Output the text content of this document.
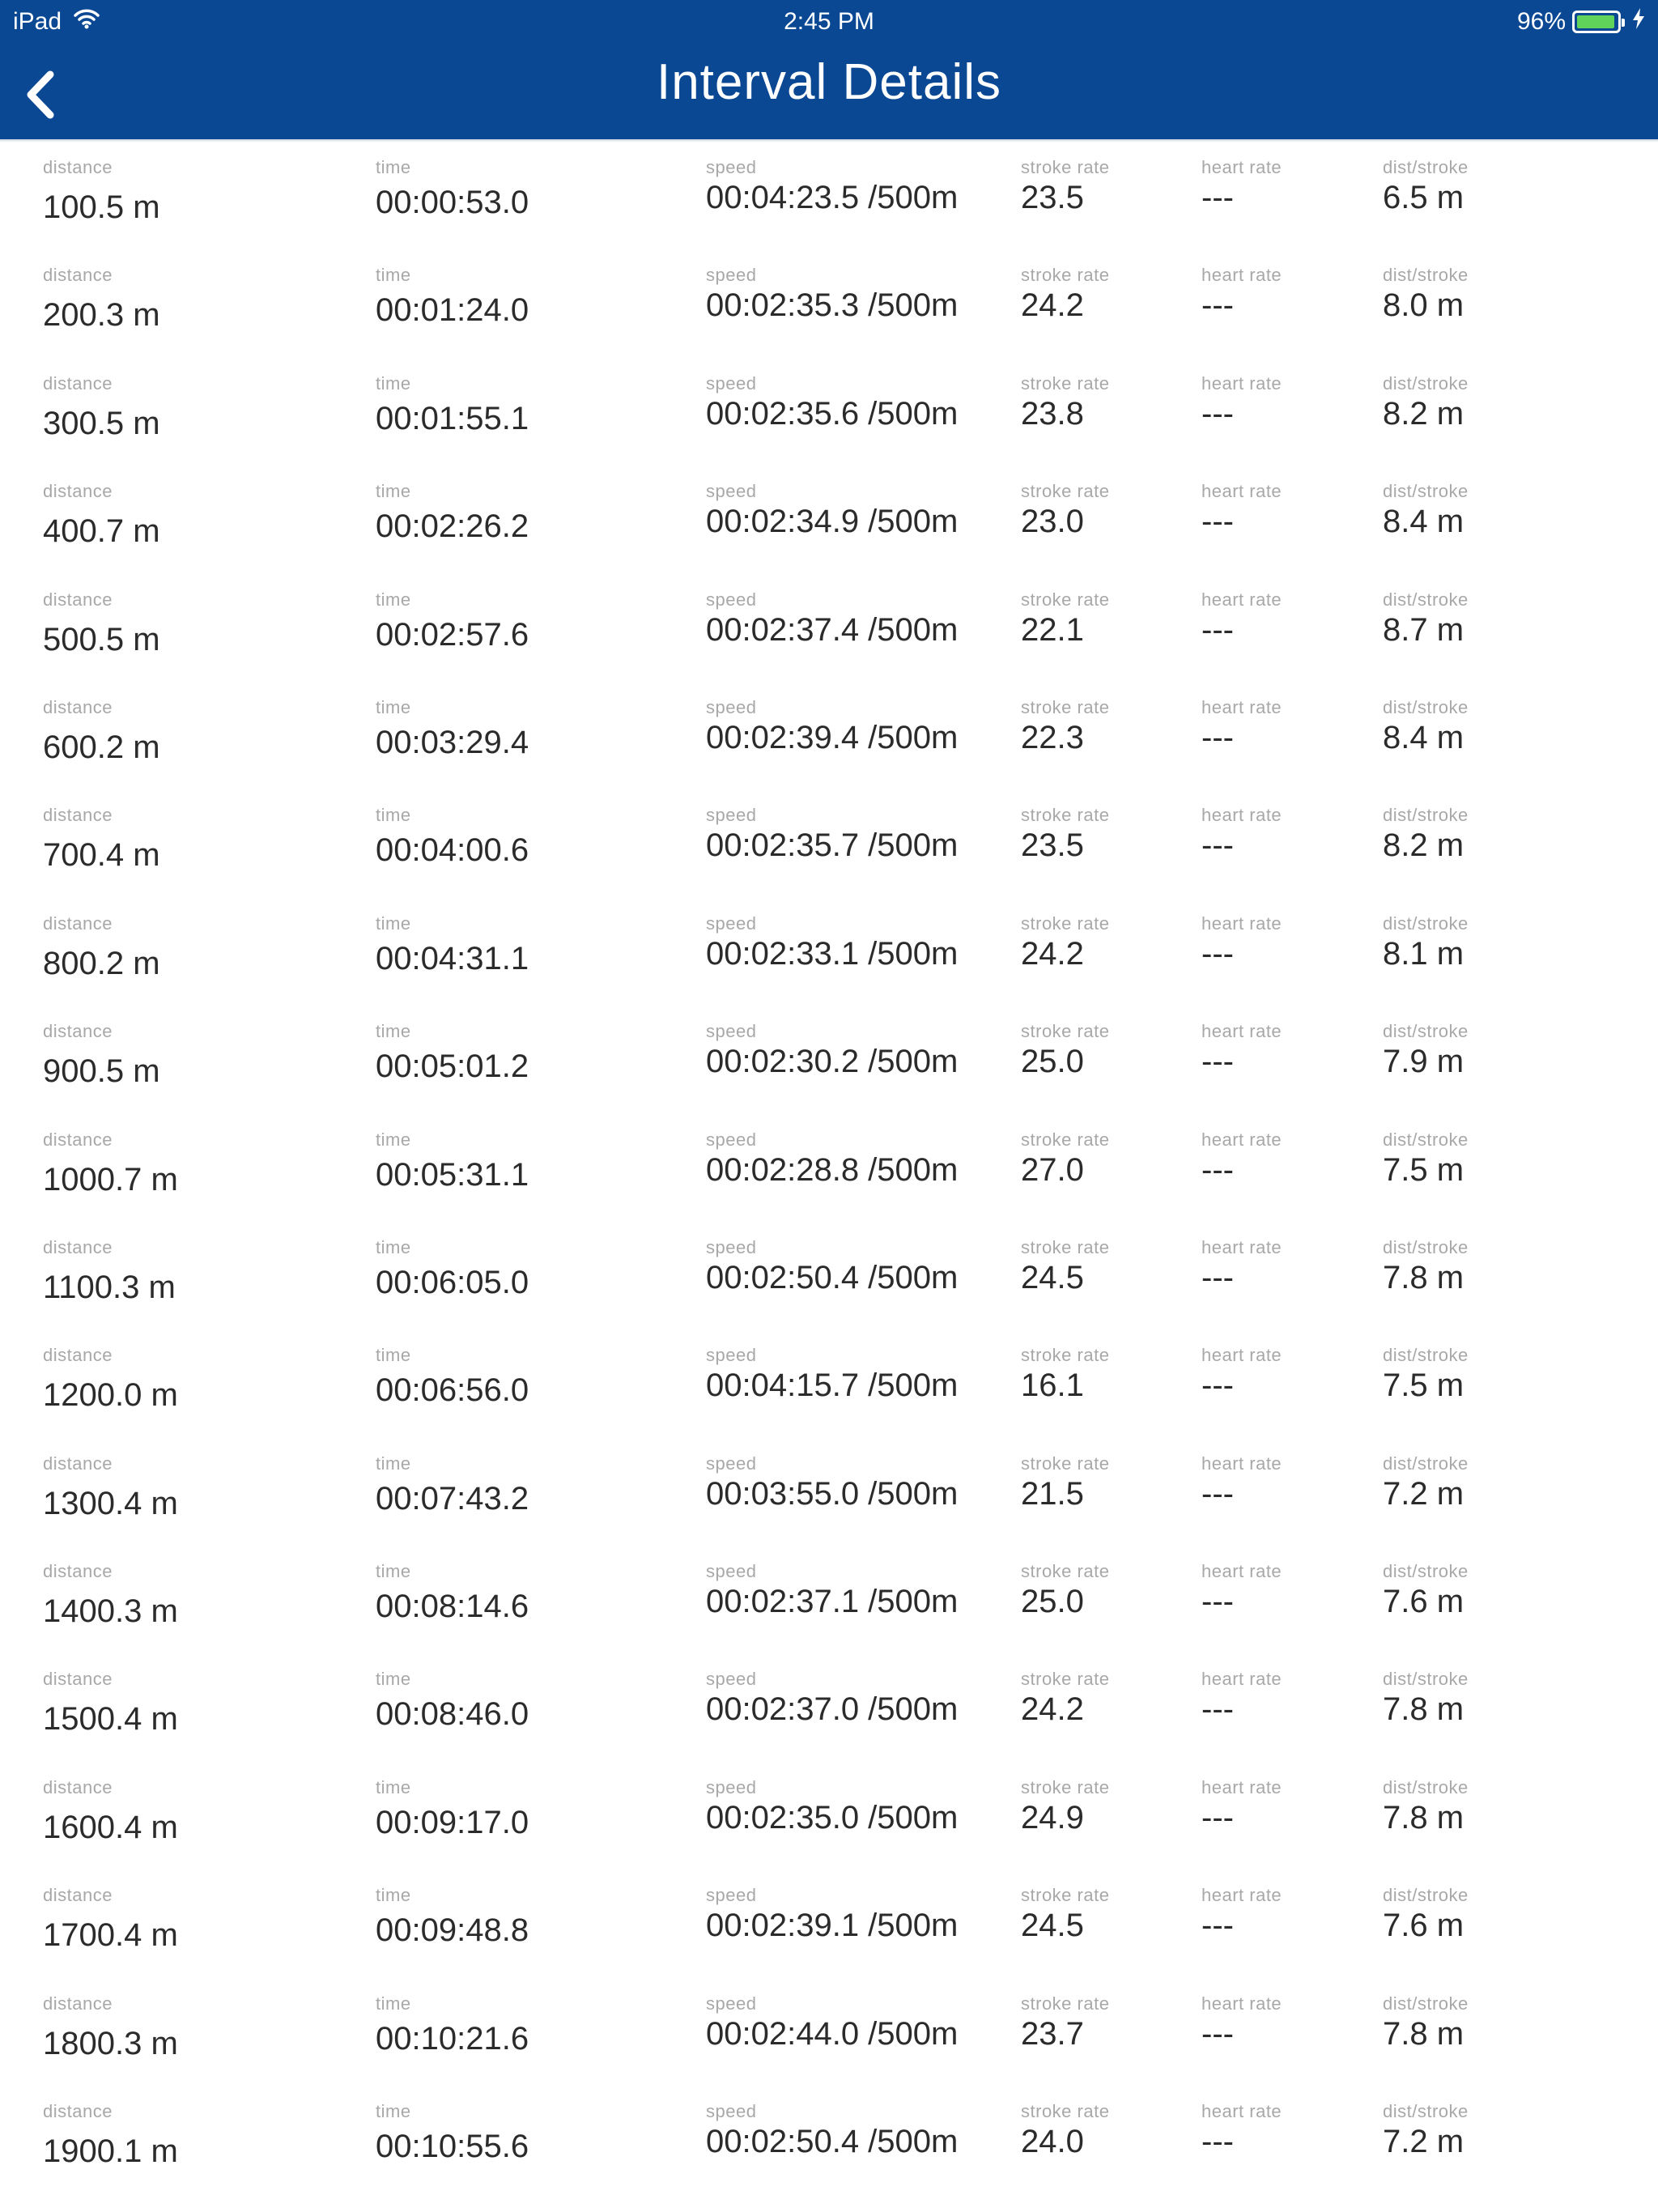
iPad	2:45 PM	96%
Interval Details
distance
100.5 m
time
00:00:53.0
speed
00:04:23.5 /500m
stroke rate
23.5
heart rate
---
dist/stroke
6.5 m
distance
200.3 m
time
00:01:24.0
speed
00:02:35.3 /500m
stroke rate
24.2
heart rate
---
dist/stroke
8.0 m
distance
300.5 m
time
00:01:55.1
speed
00:02:35.6 /500m
stroke rate
23.8
heart rate
---
dist/stroke
8.2 m
distance
400.7 m
time
00:02:26.2
speed
00:02:34.9 /500m
stroke rate
23.0
heart rate
---
dist/stroke
8.4 m
distance
500.5 m
time
00:02:57.6
speed
00:02:37.4 /500m
stroke rate
22.1
heart rate
---
dist/stroke
8.7 m
distance
600.2 m
time
00:03:29.4
speed
00:02:39.4 /500m
stroke rate
22.3
heart rate
---
dist/stroke
8.4 m
distance
700.4 m
time
00:04:00.6
speed
00:02:35.7 /500m
stroke rate
23.5
heart rate
---
dist/stroke
8.2 m
distance
800.2 m
time
00:04:31.1
speed
00:02:33.1 /500m
stroke rate
24.2
heart rate
---
dist/stroke
8.1 m
distance
900.5 m
time
00:05:01.2
speed
00:02:30.2 /500m
stroke rate
25.0
heart rate
---
dist/stroke
7.9 m
distance
1000.7 m
time
00:05:31.1
speed
00:02:28.8 /500m
stroke rate
27.0
heart rate
---
dist/stroke
7.5 m
distance
1100.3 m
time
00:06:05.0
speed
00:02:50.4 /500m
stroke rate
24.5
heart rate
---
dist/stroke
7.8 m
distance
1200.0 m
time
00:06:56.0
speed
00:04:15.7 /500m
stroke rate
16.1
heart rate
---
dist/stroke
7.5 m
distance
1300.4 m
time
00:07:43.2
speed
00:03:55.0 /500m
stroke rate
21.5
heart rate
---
dist/stroke
7.2 m
distance
1400.3 m
time
00:08:14.6
speed
00:02:37.1 /500m
stroke rate
25.0
heart rate
---
dist/stroke
7.6 m
distance
1500.4 m
time
00:08:46.0
speed
00:02:37.0 /500m
stroke rate
24.2
heart rate
---
dist/stroke
7.8 m
distance
1600.4 m
time
00:09:17.0
speed
00:02:35.0 /500m
stroke rate
24.9
heart rate
---
dist/stroke
7.8 m
distance
1700.4 m
time
00:09:48.8
speed
00:02:39.1 /500m
stroke rate
24.5
heart rate
---
dist/stroke
7.6 m
distance
1800.3 m
time
00:10:21.6
speed
00:02:44.0 /500m
stroke rate
23.7
heart rate
---
dist/stroke
7.8 m
distance
1900.1 m
time
00:10:55.6
speed
00:02:50.4 /500m
stroke rate
24.0
heart rate
---
dist/stroke
7.2 m
